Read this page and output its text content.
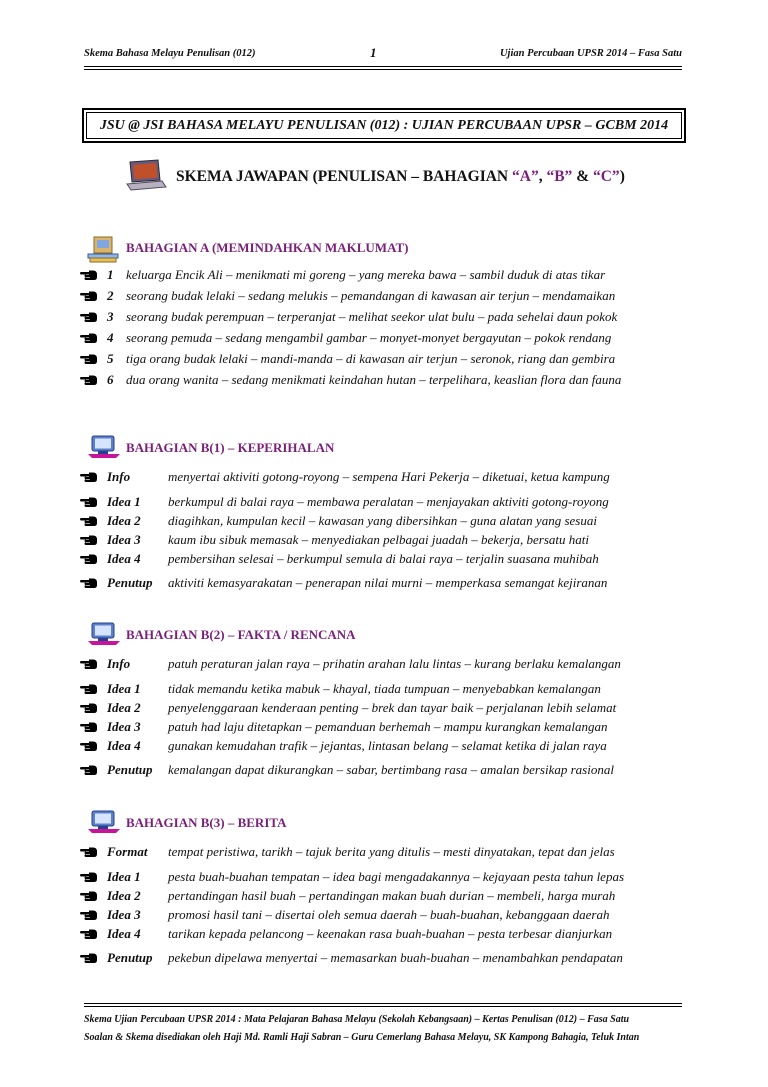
Skema Bahasa Melayu Penulisan (012)	1	Ujian Percubaan UPSR 2014 – Fasa Satu
JSU @ JSI BAHASA MELAYU PENULISAN (012) : UJIAN PERCUBAAN UPSR – GCBM 2014
SKEMA JAWAPAN (PENULISAN – BAHAGIAN “A”, “B” & “C”)
BAHAGIAN A (MEMINDAHKAN MAKLUMAT)
1 keluarga Encik Ali – menikmati mi goreng – yang mereka bawa – sambil duduk di atas tikar
2 seorang budak lelaki – sedang melukis – pemandangan di kawasan air terjun – mendamaikan
3 seorang budak perempuan – terperanjat – melihat seekor ulat bulu – pada sehelai daun pokok
4 seorang pemuda – sedang mengambil gambar – monyet-monyet bergayutan – pokok rendang
5 tiga orang budak lelaki – mandi-manda – di kawasan air terjun – seronok, riang dan gembira
6 dua orang wanita – sedang menikmati keindahan hutan – terpelihara, keaslian flora dan fauna
BAHAGIAN B(1) – KEPERIHALAN
Info	menyertai aktiviti gotong-royong – sempena Hari Pekerja – diketuai, ketua kampung
Idea 1 berkumpul di balai raya – membawa peralatan – menjayakan aktiviti gotong-royong
Idea 2 diagihkan, kumpulan kecil – kawasan yang dibersihkan – guna alatan yang sesuai
Idea 3 kaum ibu sibuk memasak – menyediakan pelbagai juadah – bekerja, bersatu hati
Idea 4 pembersihan selesai – berkumpul semula di balai raya – terjalin suasana muhibah
Penutup aktiviti kemasyarakatan – penerapan nilai murni – memperkasa semangat kejiranan
BAHAGIAN B(2) – FAKTA / RENCANA
Info	patuh peraturan jalan raya – prihatin arahan lalu lintas – kurang berlaku kemalangan
Idea 1 tidak memandu ketika mabuk – khayal, tiada tumpuan – menyebabkan kemalangan
Idea 2 penyelenggaraan kenderaan penting – brek dan tayar baik – perjalanan lebih selamat
Idea 3 patuh had laju ditetapkan – pemanduan berhemah – mampu kurangkan kemalangan
Idea 4 gunakan kemudahan trafik – jejantas, lintasan belang – selamat ketika di jalan raya
Penutup kemalangan dapat dikurangkan – sabar, bertimbang rasa – amalan bersikap rasional
BAHAGIAN B(3) – BERITA
Format tempat peristiwa, tarikh – tajuk berita yang ditulis – mesti dinyatakan, tepat dan jelas
Idea 1 pesta buah-buahan tempatan – idea bagi mengadakannya – kejayaan pesta tahun lepas
Idea 2 pertandingan hasil buah – pertandingan makan buah durian – membeli, harga murah
Idea 3 promosi hasil tani – disertai oleh semua daerah – buah-buahan, kebanggaan daerah
Idea 4 tarikan kepada pelancong – keenakan rasa buah-buahan – pesta terbesar dianjurkan
Penutup pekebun dipelawa menyertai – memasarkan buah-buahan – menambahkan pendapatan
Skema Ujian Percubaan UPSR 2014 : Mata Pelajaran Bahasa Melayu (Sekolah Kebangsaan) – Kertas Penulisan (012) – Fasa Satu
Soalan & Skema disediakan oleh Haji Md. Ramli Haji Sabran – Guru Cemerlang Bahasa Melayu, SK Kampong Bahagia, Teluk Intan
